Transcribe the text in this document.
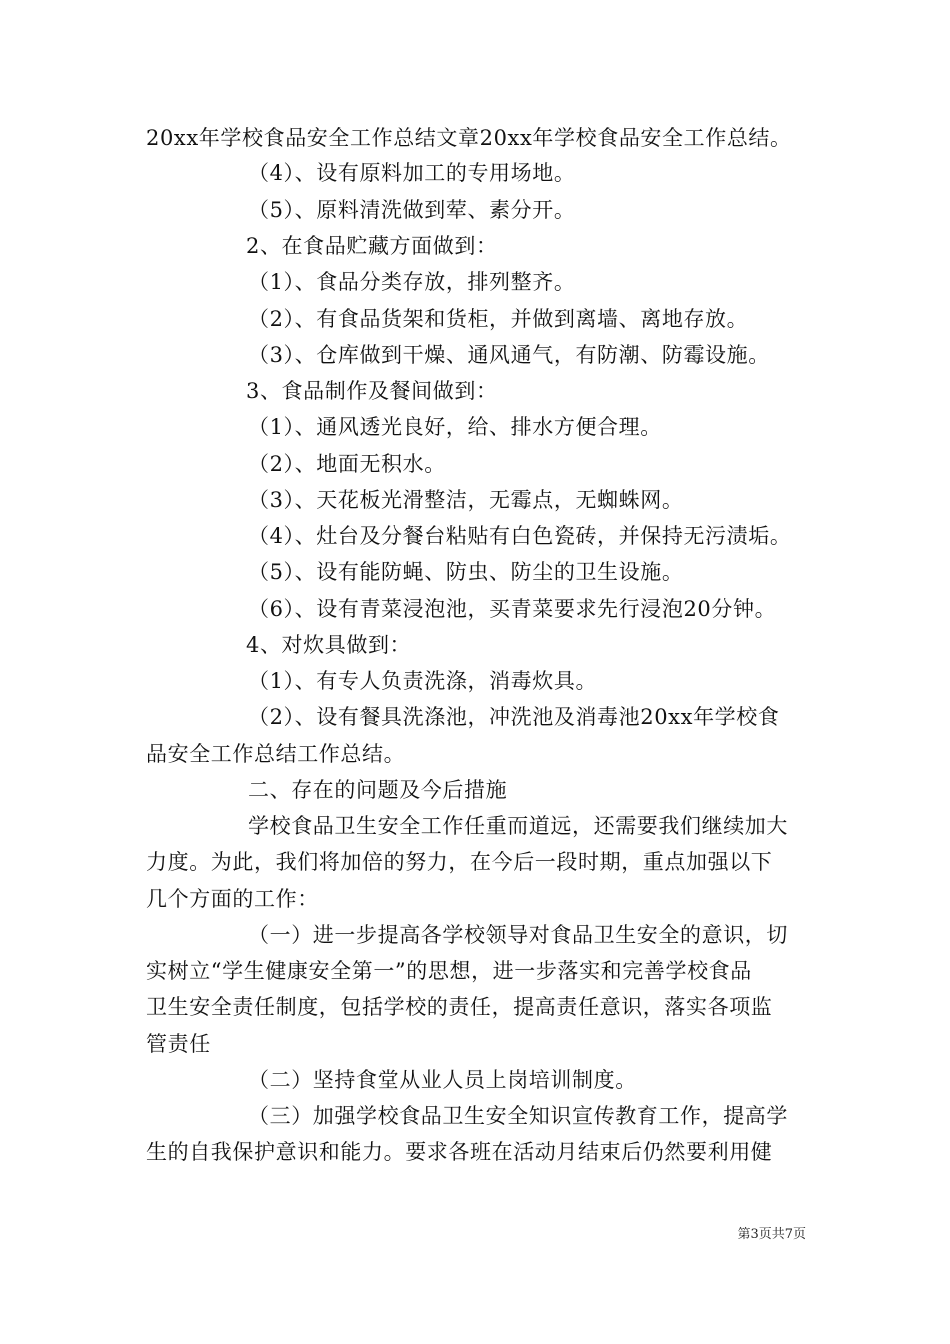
20xx年学校食品安全工作总结文章20xx年学校食品安全工作总结。
（4）、设有原料加工的专用场地。
（5）、原料清洗做到荤、素分开。
2、在食品贮藏方面做到：
（1）、食品分类存放，排列整齐。
（2）、有食品货架和货柜，并做到离墙、离地存放。
（3）、仓库做到干燥、通风通气，有防潮、防霉设施。
3、食品制作及餐间做到：
（1）、通风透光良好，给、排水方便合理。
（2）、地面无积水。
（3）、天花板光滑整洁，无霉点，无蜘蛛网。
（4）、灶台及分餐台粘贴有白色瓷砖，并保持无污渍垢。
（5）、设有能防蝇、防虫、防尘的卫生设施。
（6）、设有青菜浸泡池，买青菜要求先行浸泡20分钟。
4、对炊具做到：
（1）、有专人负责洗涤，消毒炊具。
（2）、设有餐具洗涤池，冲洗池及消毒池20xx年学校食
品安全工作总结工作总结。
二、存在的问题及今后措施
学校食品卫生安全工作任重而道远，还需要我们继续加大
力度。为此，我们将加倍的努力，在今后一段时期，重点加强以下
几个方面的工作：
（一）进一步提高各学校领导对食品卫生安全的意识，切
实树立“学生健康安全第一”的思想，进一步落实和完善学校食品
卫生安全责任制度，包括学校的责任，提高责任意识，落实各项监
管责任
（二）坚持食堂从业人员上岗培训制度。
（三）加强学校食品卫生安全知识宣传教育工作，提高学
生的自我保护意识和能力。要求各班在活动月结束后仍然要利用健
第3页共7页
